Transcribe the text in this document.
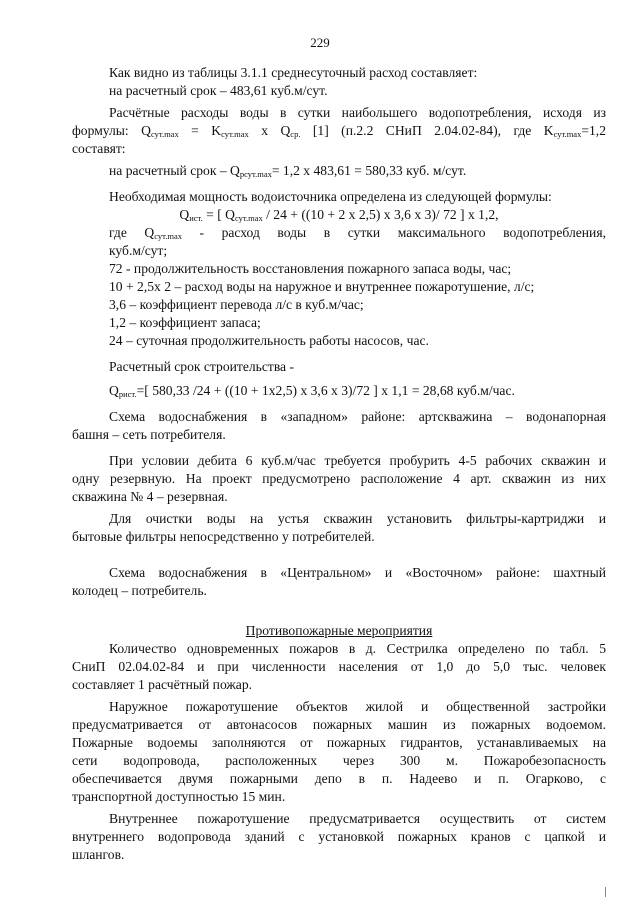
229

Как видно из таблицы 3.1.1 среднесуточный расход составляет:

на расчетный срок – 483,61 куб.м/сут.

Расчётные расходы воды в сутки наибольшего водопотребления, исходя из

формулы: $Q_{сут.max} = K_{сут.max}$ x $Q_{ср.}$ [1] (п.2.2 СНиП 2.04.02-84), где $K_{сут.max}=1,2$

составят:

на расчетный срок – $Q_{рсут.max}= 1,2$ x 483,61 = 580,33 куб. м/сут.

Необходимая мощность водоисточника определена из следующей формулы:

$Q_{ист.}$ = [ $Q_{сут.max} / 24 + ((10 + 2$ x 2,5) x 3,6 x 3)/ 72 ] x 1,2,

где $Q_{сут.max}$ - расход воды в сутки максимального водопотребления,

куб.м/сут;

72 - продолжительность восстановления пожарного запаса воды, час;

10 + 2,5х 2 – расход воды на наружное и внутреннее пожаротушение, л/с;

3,6 – коэффициент перевода л/с в куб.м/час;

1,2 – коэффициент запаса;

24 – суточная продолжительность работы насосов, час.

Расчетный срок строительства -

$Q_{рист.}=$[ 580,33 /24 + ((10 + 1х2,5) x 3,6 x 3)/72 ] x 1,1 = 28,68 куб.м/час.

Схема водоснабжения в «западном» районе: артскважина – водонапорная

башня – сеть потребителя.

При условии дебита 6 куб.м/час требуется пробурить 4-5 рабочих скважин и

одну резервную. На проект предусмотрено расположение 4 арт. скважин из них

скважина № 4 – резервная.

Для очистки воды на устья скважин установить фильтры-картриджи и

бытовые фильтры непосредственно у потребителей.

Схема водоснабжения в «Центральном» и «Восточном» районе: шахтный

колодец – потребитель.

Противопожарные мероприятия

Количество одновременных пожаров в д. Сестрилка определено по табл. 5

СниП 02.04.02-84 и при численности населения от 1,0 до 5,0 тыс. человек

составляет 1 расчётный пожар.

Наружное пожаротушение объектов жилой и общественной застройки

предусматривается от автонасосов пожарных машин из пожарных водоемом.

Пожарные водоемы заполняются от пожарных гидрантов, устанавливаемых на

сети водопровода, расположенных через 300 м. Пожаробезопасность

обеспечивается двумя пожарными депо в п. Надеево и п. Огарково, с

транспортной доступностью 15 мин.

Внутреннее пожаротушение предусматривается осуществить от систем

внутреннего водопровода зданий с установкой пожарных кранов с цапкой и

шлангов.
